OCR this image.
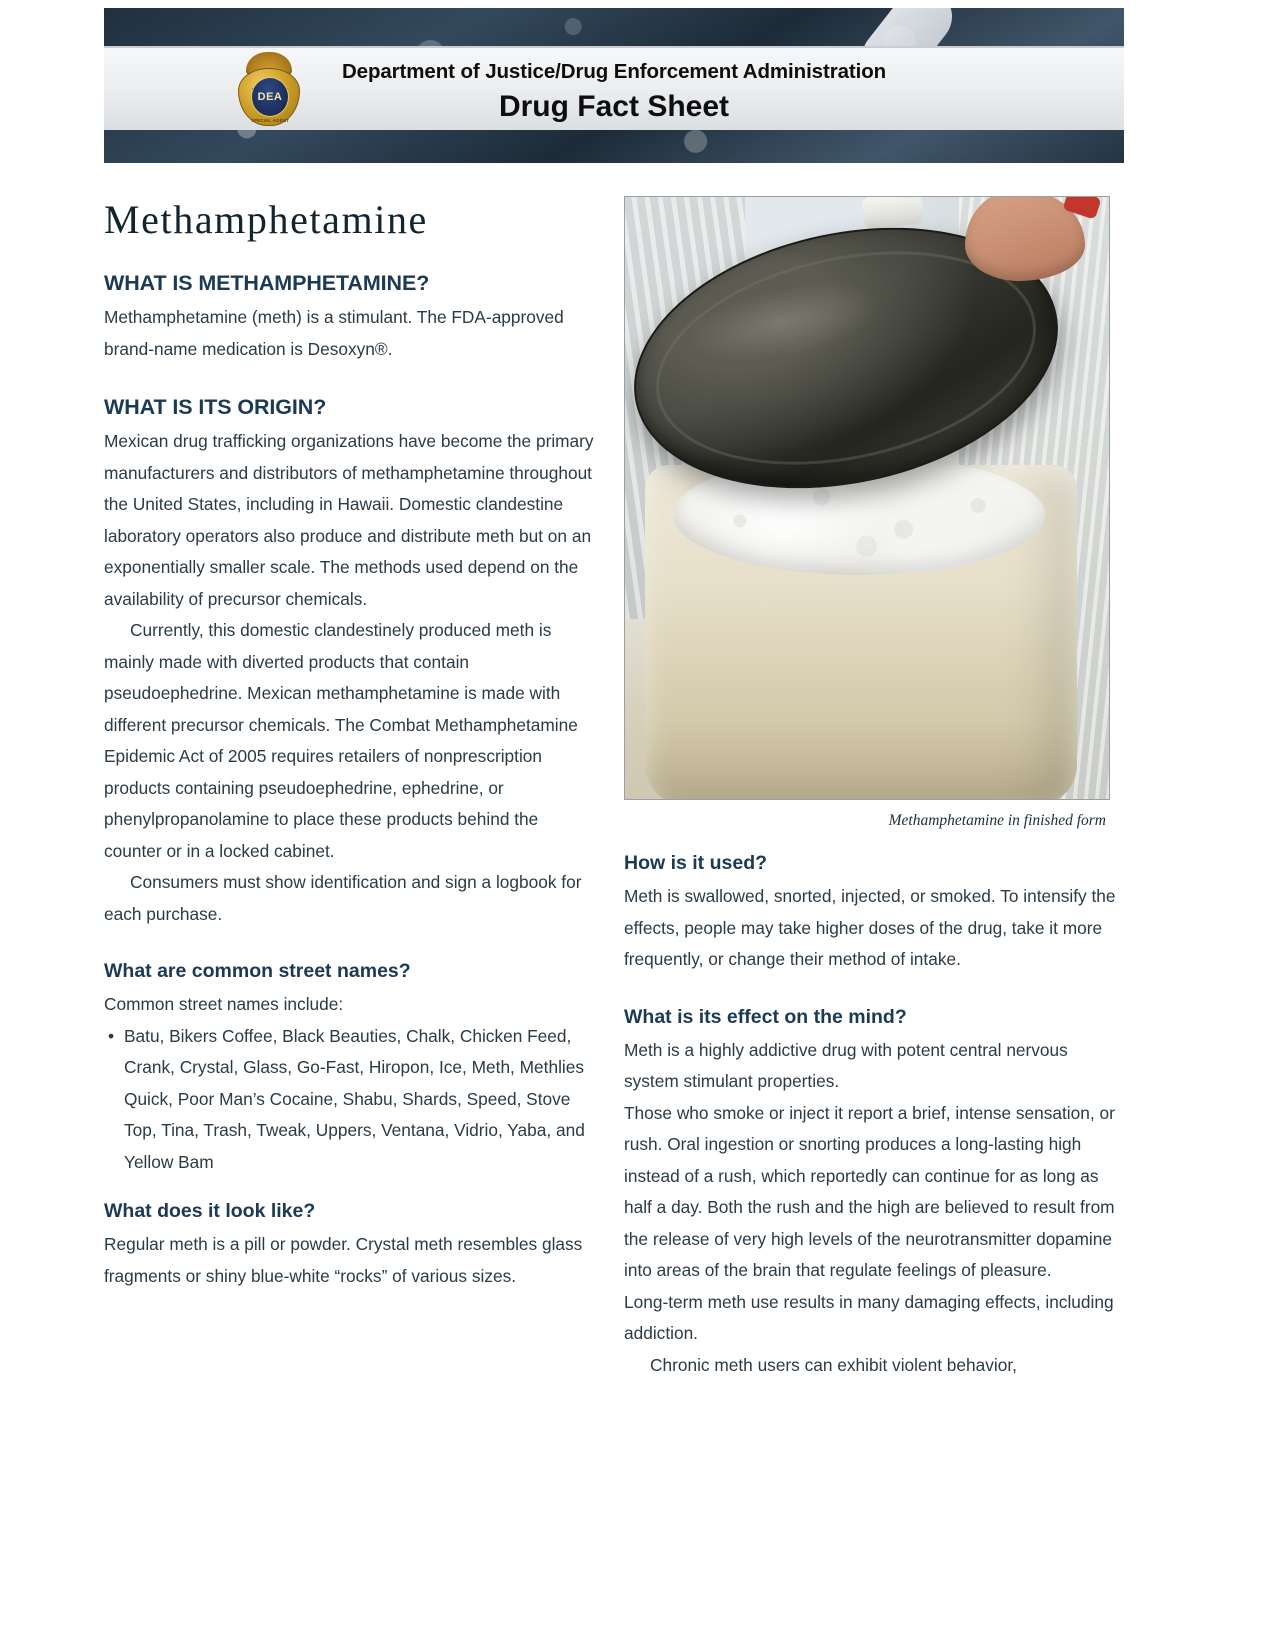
Department of Justice/Drug Enforcement Administration
Drug Fact Sheet
DEA
SPECIAL AGENT
Methamphetamine
WHAT IS METHAMPHETAMINE?

Methamphetamine (meth) is a stimulant. The FDA-approved brand-name medication is Desoxyn®.

WHAT IS ITS ORIGIN?

Mexican drug trafficking organizations have become the primary manufacturers and distributors of methamphetamine throughout the United States, including in Hawaii. Domestic clandestine laboratory operators also produce and distribute meth but on an exponentially smaller scale. The methods used depend on the availability of precursor chemicals.

Currently, this domestic clandestinely produced meth is mainly made with diverted products that contain pseudoephedrine. Mexican methamphetamine is made with different precursor chemicals. The Combat Methamphetamine Epidemic Act of 2005 requires retailers of nonprescription products containing pseudoephedrine, ephedrine, or phenylpropanolamine to place these products behind the counter or in a locked cabinet.

Consumers must show identification and sign a logbook for each purchase.

What are common street names?

Common street names include:

• Batu, Bikers Coffee, Black Beauties, Chalk, Chicken Feed, Crank, Crystal, Glass, Go-Fast, Hiropon, Ice, Meth, Methlies Quick, Poor Man’s Cocaine, Shabu, Shards, Speed, Stove Top, Tina, Trash, Tweak, Uppers, Ventana, Vidrio, Yaba, and Yellow Bam
What does it look like?

Regular meth is a pill or powder. Crystal meth resembles glass fragments or shiny blue-white “rocks” of various sizes.

Methamphetamine in finished form
How is it used?

Meth is swallowed, snorted, injected, or smoked. To intensify the effects, people may take higher doses of the drug, take it more frequently, or change their method of intake.

What is its effect on the mind?

Meth is a highly addictive drug with potent central nervous system stimulant properties.

Those who smoke or inject it report a brief, intense sensation, or rush. Oral ingestion or snorting produces a long-lasting high instead of a rush, which reportedly can continue for as long as half a day. Both the rush and the high are believed to result from the release of very high levels of the neurotransmitter dopamine into areas of the brain that regulate feelings of pleasure.

Long-term meth use results in many damaging effects, including addiction.

Chronic meth users can exhibit violent behavior,
